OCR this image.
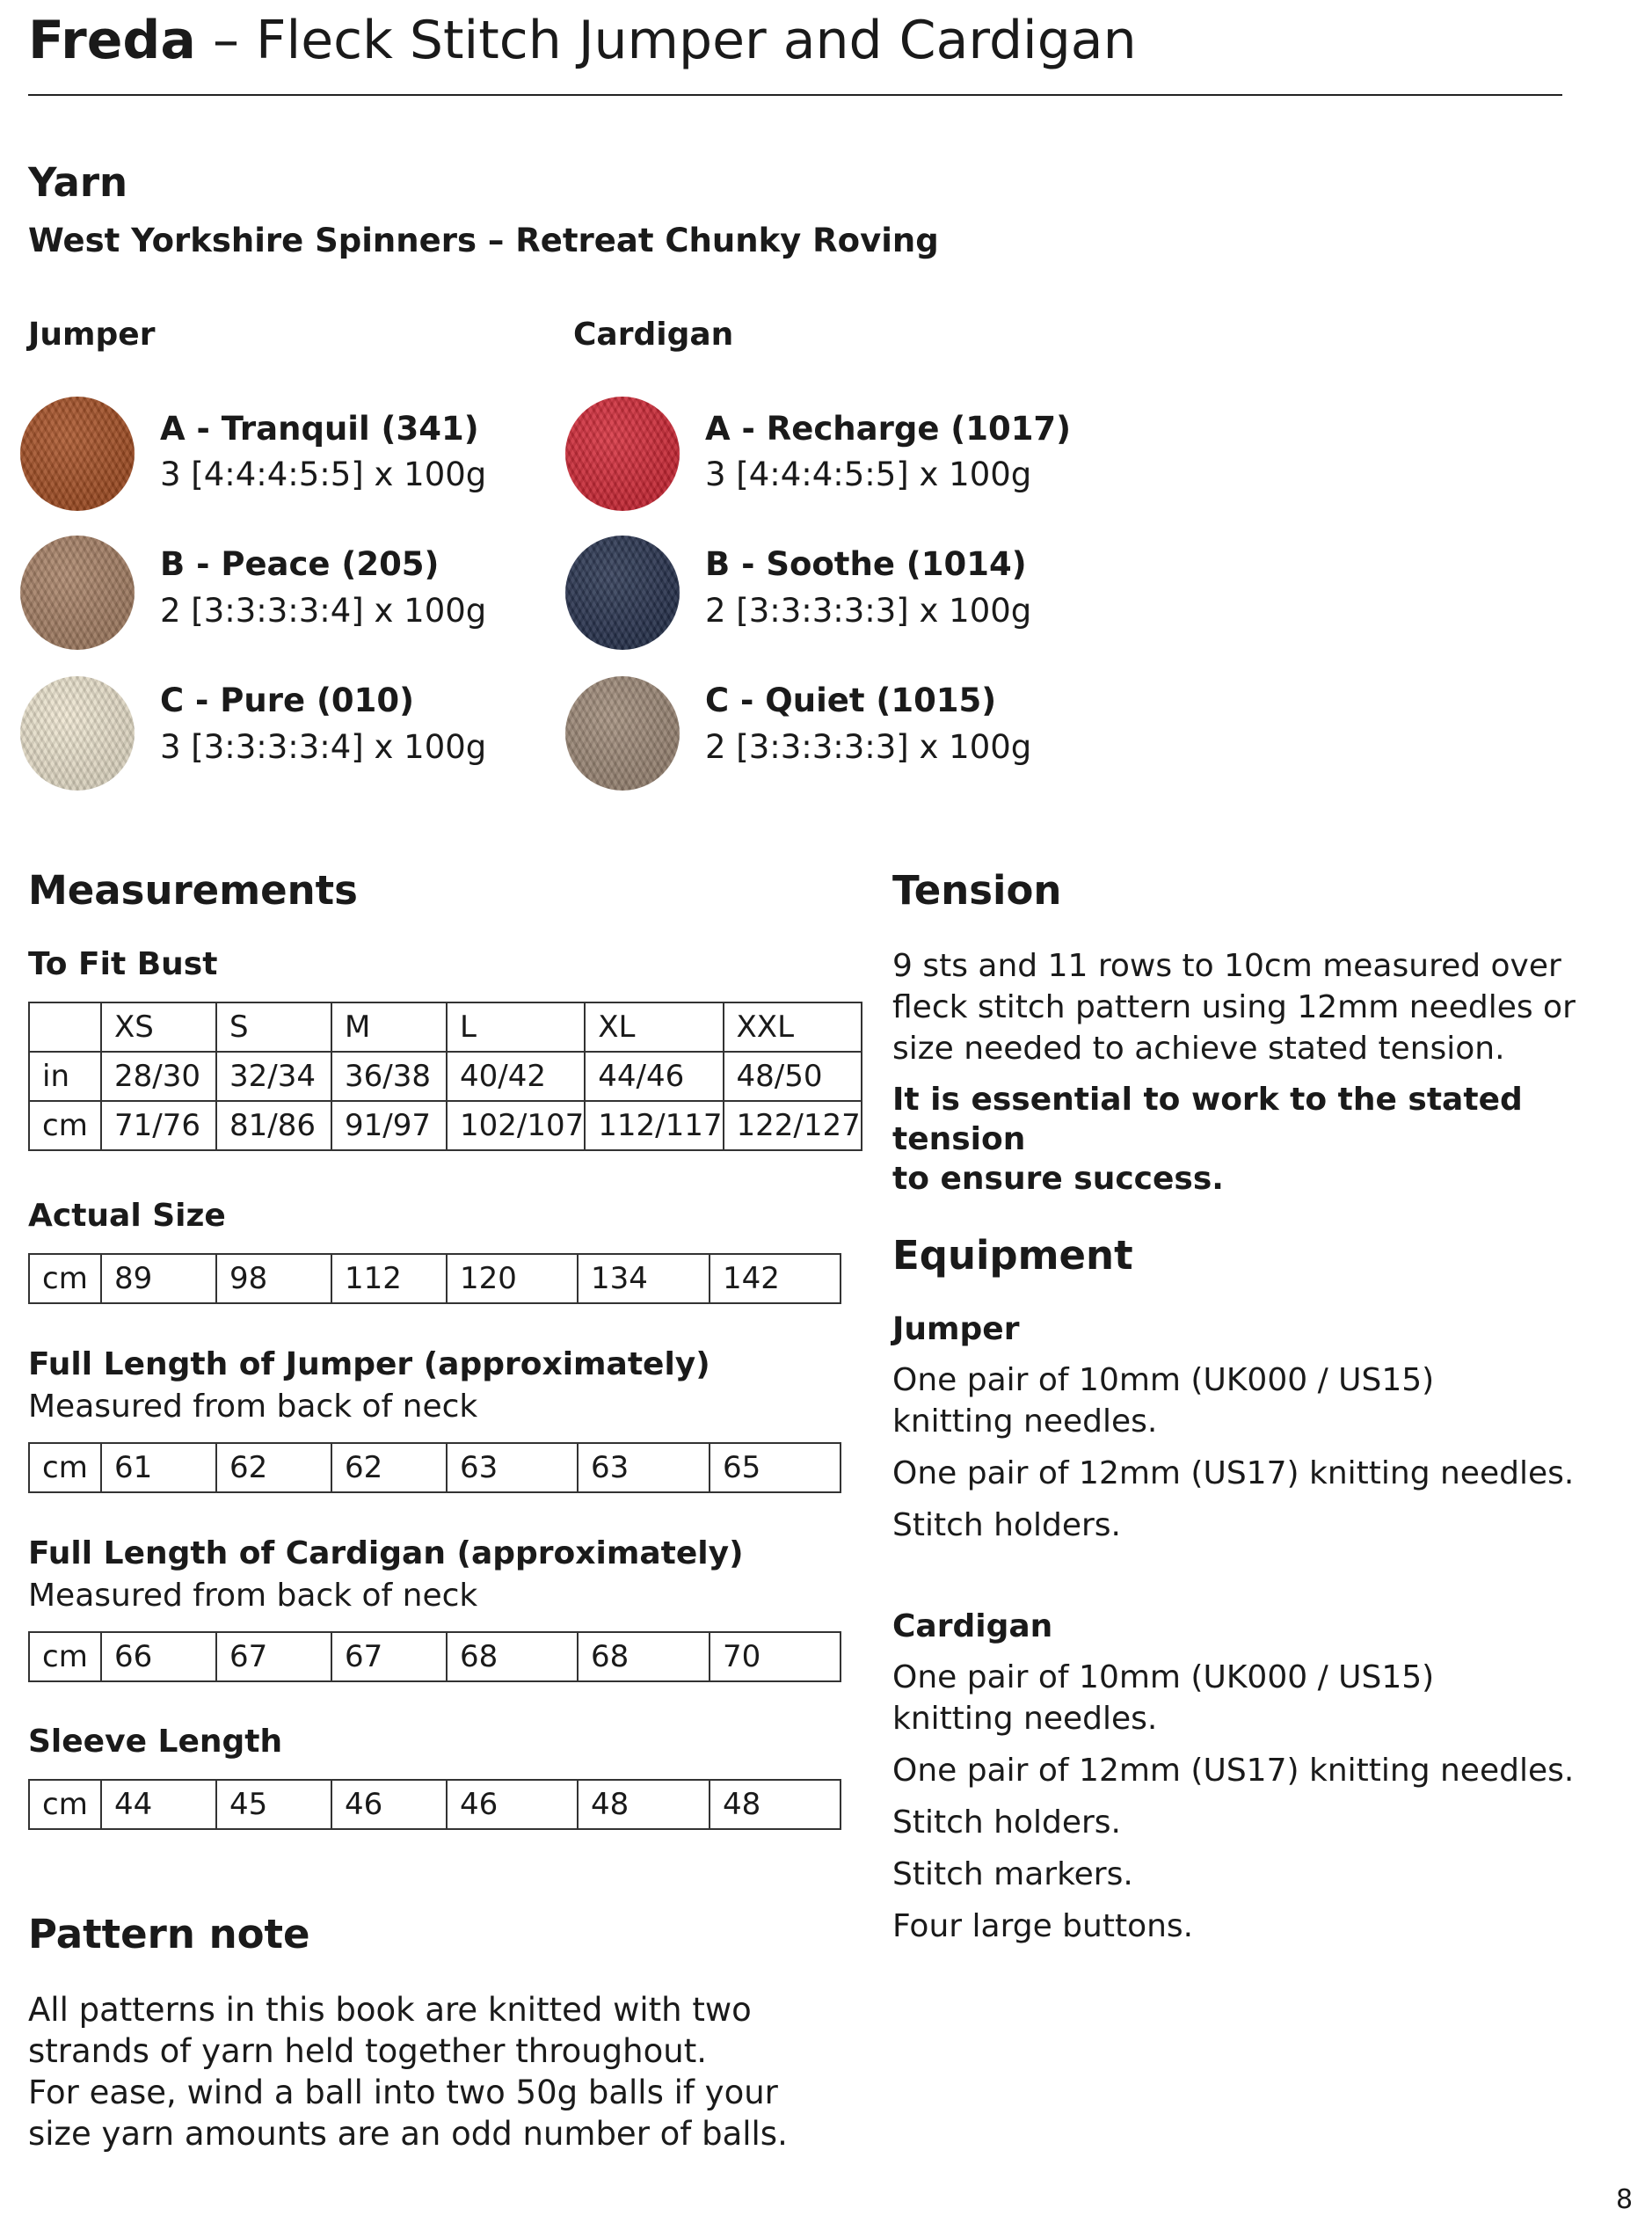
Freda – Fleck Stitch Jumper and Cardigan
Yarn
West Yorkshire Spinners – Retreat Chunky Roving
Jumper	Cardigan
A - Tranquil (341)
3 [4:4:4:5:5] x 100g
B - Peace (205)
2 [3:3:3:3:4] x 100g
C - Pure (010)
3 [3:3:3:3:4] x 100g
A - Recharge (1017)
3 [4:4:4:5:5] x 100g
B - Soothe (1014)
2 [3:3:3:3:3] x 100g
C - Quiet (1015)
2 [3:3:3:3:3] x 100g
Measurements
To Fit Bust
	XS	S	M	L	XL	XXL
in	28/30	32/34	36/38	40/42	44/46	48/50
cm	71/76	81/86	91/97	102/107	112/117	122/127
Actual Size
cm	89	98	112	120	134	142
Full Length of Jumper (approximately)
Measured from back of neck
cm	61	62	62	63	63	65
Full Length of Cardigan (approximately)
Measured from back of neck
cm	66	67	67	68	68	70
Sleeve Length
cm	44	45	46	46	48	48
Pattern note
All patterns in this book are knitted with two
strands of yarn held together throughout.
For ease, wind a ball into two 50g balls if your
size yarn amounts are an odd number of balls.
Tension
9 sts and 11 rows to 10cm measured over
fleck stitch pattern using 12mm needles or
size needed to achieve stated tension.
It is essential to work to the stated tension
to ensure success.
Equipment
Jumper
One pair of 10mm (UK000 / US15)
knitting needles.
One pair of 12mm (US17) knitting needles.
Stitch holders.
Cardigan
One pair of 10mm (UK000 / US15)
knitting needles.
One pair of 12mm (US17) knitting needles.
Stitch holders.
Stitch markers.
Four large buttons.
8
